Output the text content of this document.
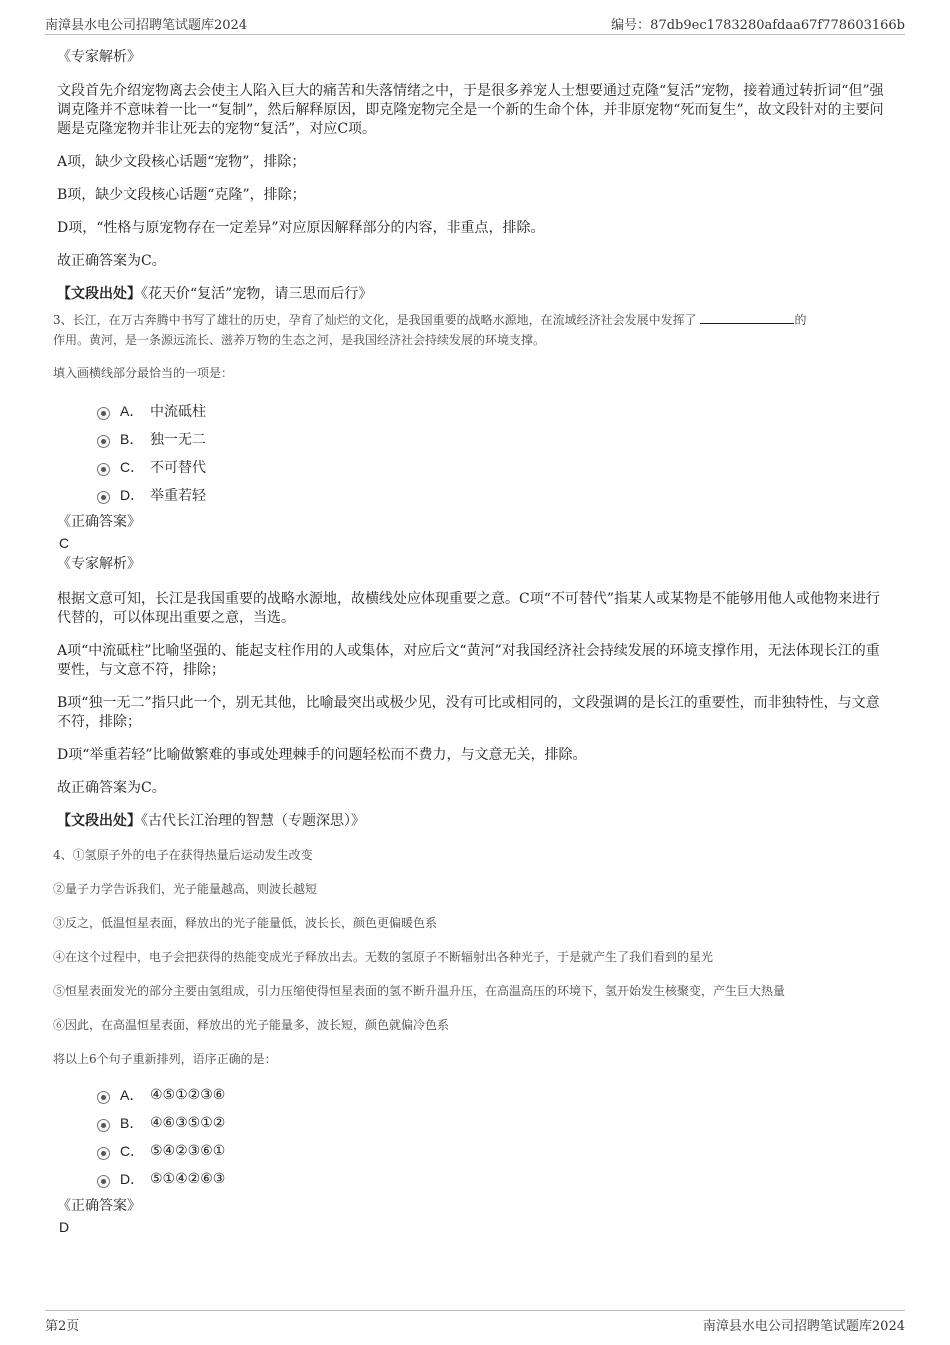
南漳县水电公司招聘笔试题库2024	编号：87db9ec1783280afdaa67f778603166b

《专家解析》

文段首先介绍宠物离去会使主人陷入巨大的痛苦和失落情绪之中，于是很多养宠人士想要通过克隆“复活”宠物，接着通过转折词“但”强调克隆并不意味着一比一“复制”，然后解释原因，即克隆宠物完全是一个新的生命个体，并非原宠物“死而复生”，故文段针对的主要问题是克隆宠物并非让死去的宠物“复活”，对应C项。

A项，缺少文段核心话题“宠物”，排除；

B项，缺少文段核心话题“克隆”，排除；

D项，“性格与原宠物存在一定差异”对应原因解释部分的内容，非重点，排除。

故正确答案为C。

【文段出处】《花天价“复活”宠物，请三思而后行》

3、长江，在万古奔腾中书写了雄壮的历史，孕育了灿烂的文化，是我国重要的战略水源地，在流域经济社会发展中发挥了	的

作用。黄河，是一条源远流长、滋养万物的生态之河，是我国经济社会持续发展的环境支撑。

填入画横线部分最恰当的一项是：

A． 中流砥柱
B． 独一无二
C． 不可替代
D． 举重若轻

《正确答案》

C

《专家解析》

根据文意可知，长江是我国重要的战略水源地，故横线处应体现重要之意。C项“不可替代”指某人或某物是不能够用他人或他物来进行代替的，可以体现出重要之意，当选。

A项“中流砥柱”比喻坚强的、能起支柱作用的人或集体，对应后文“黄河”对我国经济社会持续发展的环境支撑作用，无法体现长江的重要性，与文意不符，排除；

B项“独一无二”指只此一个，别无其他，比喻最突出或极少见，没有可比或相同的，文段强调的是长江的重要性，而非独特性，与文意不符，排除；

D项“举重若轻”比喻做繁难的事或处理棘手的问题轻松而不费力，与文意无关，排除。

故正确答案为C。

【文段出处】《古代长江治理的智慧（专题深思）》

4、①氢原子外的电子在获得热量后运动发生改变

②量子力学告诉我们，光子能量越高，则波长越短

③反之，低温恒星表面，释放出的光子能量低，波长长，颜色更偏暖色系

④在这个过程中，电子会把获得的热能变成光子释放出去。无数的氢原子不断辐射出各种光子，于是就产生了我们看到的星光

⑤恒星表面发光的部分主要由氢组成，引力压缩使得恒星表面的氢不断升温升压，在高温高压的环境下，氢开始发生核聚变，产生巨大热量

⑥因此，在高温恒星表面，释放出的光子能量多，波长短，颜色就偏冷色系

将以上6个句子重新排列，语序正确的是：

A． ④⑤①②③⑥
B． ④⑥③⑤①②
C． ⑤④②③⑥①
D． ⑤①④②⑥③

《正确答案》

D

第2页	南漳县水电公司招聘笔试题库2024
